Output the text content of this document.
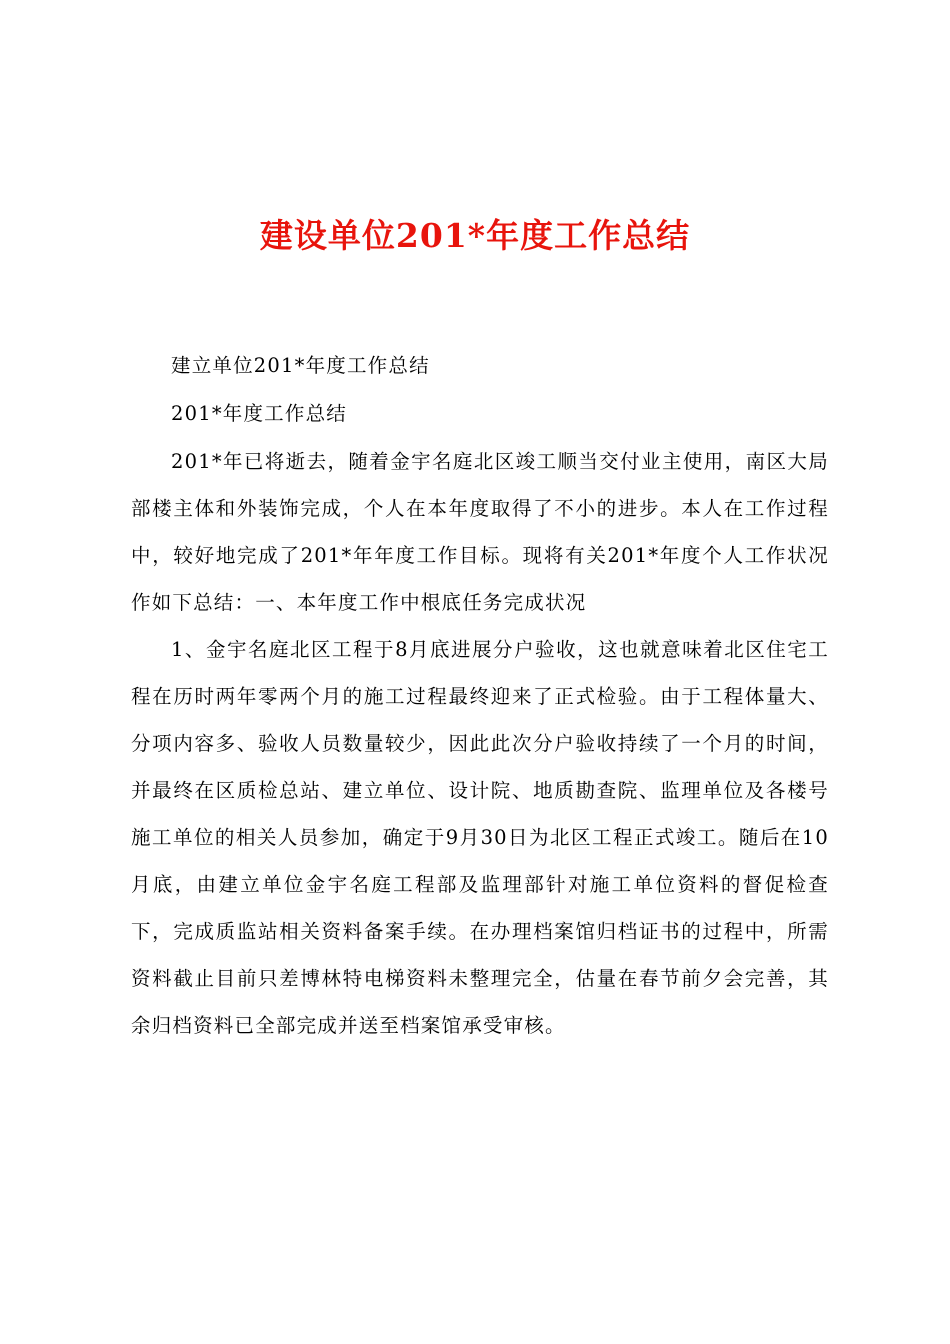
建设单位201*年度工作总结

建立单位201*年度工作总结

201*年度工作总结

201*年已将逝去，随着金宇名庭北区竣工顺当交付业主使用，南区大局部楼主体和外装饰完成，个人在本年度取得了不小的进步。本人在工作过程中，较好地完成了201*年年度工作目标。现将有关201*年度个人工作状况作如下总结：一、本年度工作中根底任务完成状况

1、金宇名庭北区工程于8月底进展分户验收，这也就意味着北区住宅工程在历时两年零两个月的施工过程最终迎来了正式检验。由于工程体量大、分项内容多、验收人员数量较少，因此此次分户验收持续了一个月的时间，并最终在区质检总站、建立单位、设计院、地质勘查院、监理单位及各楼号施工单位的相关人员参加，确定于9月30日为北区工程正式竣工。随后在10月底，由建立单位金宇名庭工程部及监理部针对施工单位资料的督促检查下，完成质监站相关资料备案手续。在办理档案馆归档证书的过程中，所需资料截止目前只差博林特电梯资料未整理完全，估量在春节前夕会完善，其余归档资料已全部完成并送至档案馆承受审核。
